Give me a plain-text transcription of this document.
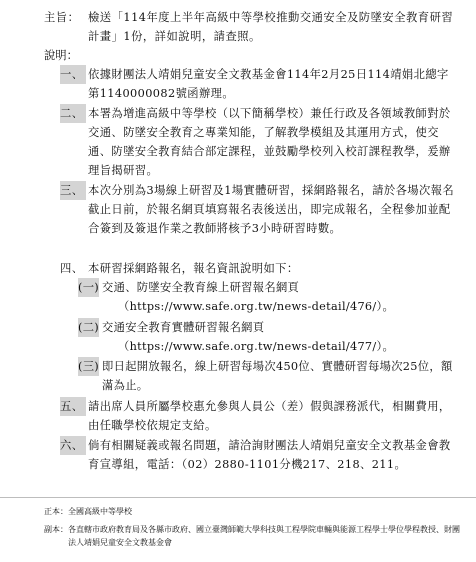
主旨： 檢送「114年度上半年高級中等學校推動交通安全及防墜安全教育研習計畫」1份，詳如說明，請查照。
說明：
一、 依據財團法人靖娟兒童安全文教基金會114年2月25日114靖娟北總字第1140000082號函辦理。
二、 本署為增進高級中等學校（以下簡稱學校）兼任行政及各領域教師對於交通、防墜安全教育之專業知能，了解教學模組及其運用方式，使交通、防墜安全教育結合部定課程，並鼓勵學校列入校訂課程教學，爰辦理旨揭研習。
三、 本次分別為3場線上研習及1場實體研習，採網路報名，請於各場次報名截止日前，於報名網頁填寫報名表後送出，即完成報名，全程參加並配合簽到及簽退作業之教師將核予3小時研習時數。
四、 本研習採網路報名，報名資訊說明如下：
(一) 交通、防墜安全教育線上研習報名網頁
（https://www.safe.org.tw/news-detail/476/）。
(二) 交通安全教育實體研習報名網頁
（https://www.safe.org.tw/news-detail/477/）。
(三) 即日起開放報名，線上研習每場次450位、實體研習每場次25位，額滿為止。
五、 請出席人員所屬學校惠允參與人員公（差）假與課務派代，相關費用，由任職學校依規定支給。
六、 倘有相關疑義或報名問題，請洽詢財團法人靖娟兒童安全文教基金會教育宣導組，電話：（02）2880-1101分機217、218、211。
正本： 全國高級中等學校
副本： 各直轄市政府教育局及各縣市政府、國立臺灣師範大學科技與工程學院車輛與能源工程學士學位學程教授、財團法人靖娟兒童安全文教基金會
